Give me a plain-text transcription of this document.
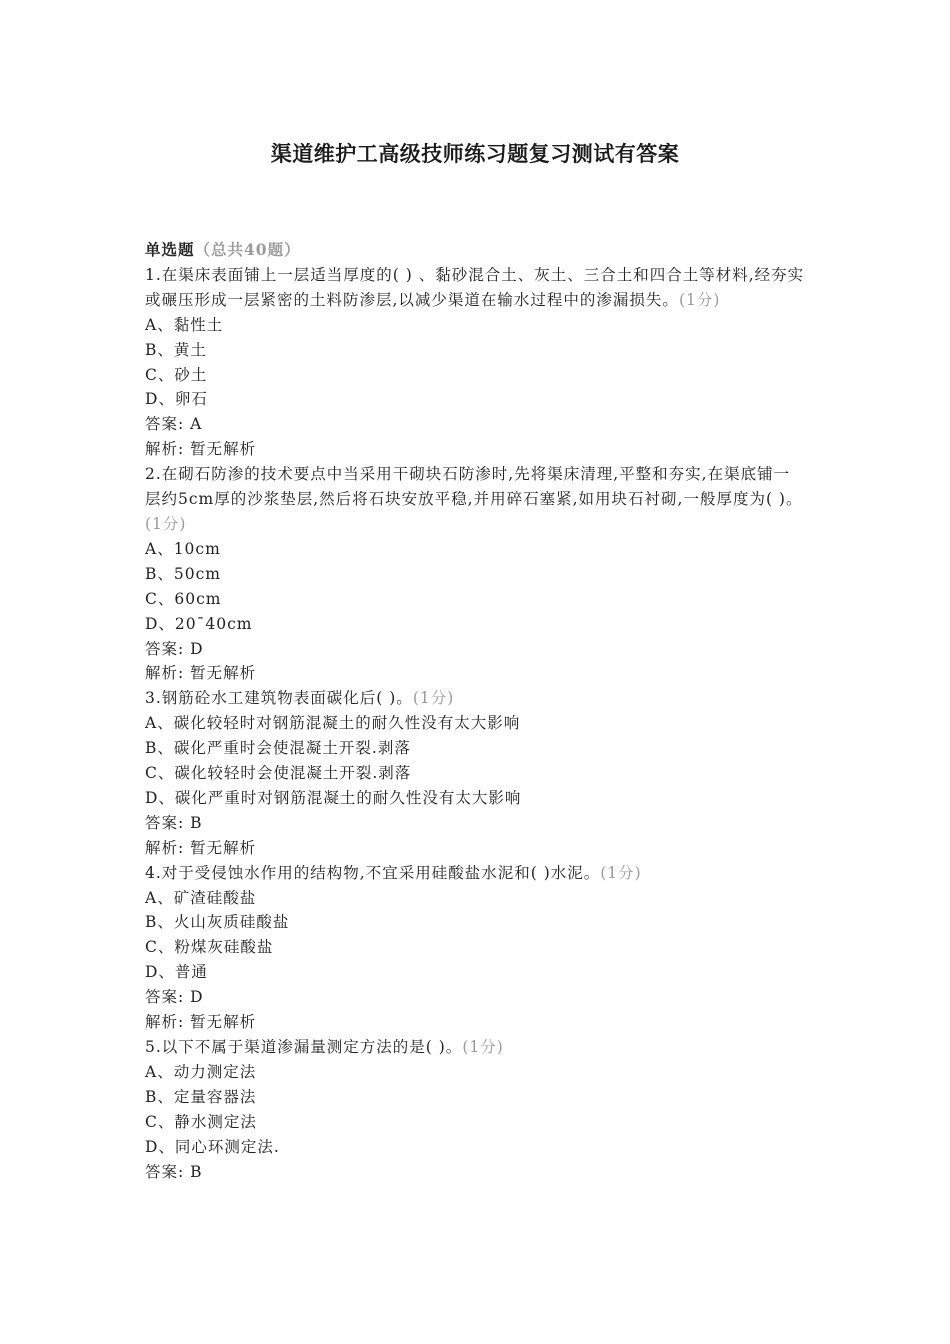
渠道维护工高级技师练习题复习测试有答案
单选题（总共40题）
1.在渠床表面铺上一层适当厚度的( ) 、黏砂混合土、灰土、三合土和四合土等材料,经夯实或碾压形成一层紧密的土料防渗层,以减少渠道在输水过程中的渗漏损失。(1分)
A、黏性土
B、黄土
C、砂土
D、卵石
答案: A
解析: 暂无解析
2.在砌石防渗的技术要点中当采用干砌块石防渗时,先将渠床清理,平整和夯实,在渠底铺一层约5cm厚的沙浆垫层,然后将石块安放平稳,并用碎石塞紧,如用块石衬砌,一般厚度为( )。(1分)
A、10cm
B、50cm
C、60cm
D、20¯40cm
答案: D
解析: 暂无解析
3.钢筋砼水工建筑物表面碳化后( )。(1分)
A、碳化较轻时对钢筋混凝土的耐久性没有太大影响
B、碳化严重时会使混凝土开裂.剥落
C、碳化较轻时会使混凝土开裂.剥落
D、碳化严重时对钢筋混凝土的耐久性没有太大影响
答案: B
解析: 暂无解析
4.对于受侵蚀水作用的结构物,不宜采用硅酸盐水泥和( )水泥。(1分)
A、矿渣硅酸盐
B、火山灰质硅酸盐
C、粉煤灰硅酸盐
D、普通
答案: D
解析: 暂无解析
5.以下不属于渠道渗漏量测定方法的是( )。(1分)
A、动力测定法
B、定量容器法
C、静水测定法
D、同心环测定法.
答案: B
